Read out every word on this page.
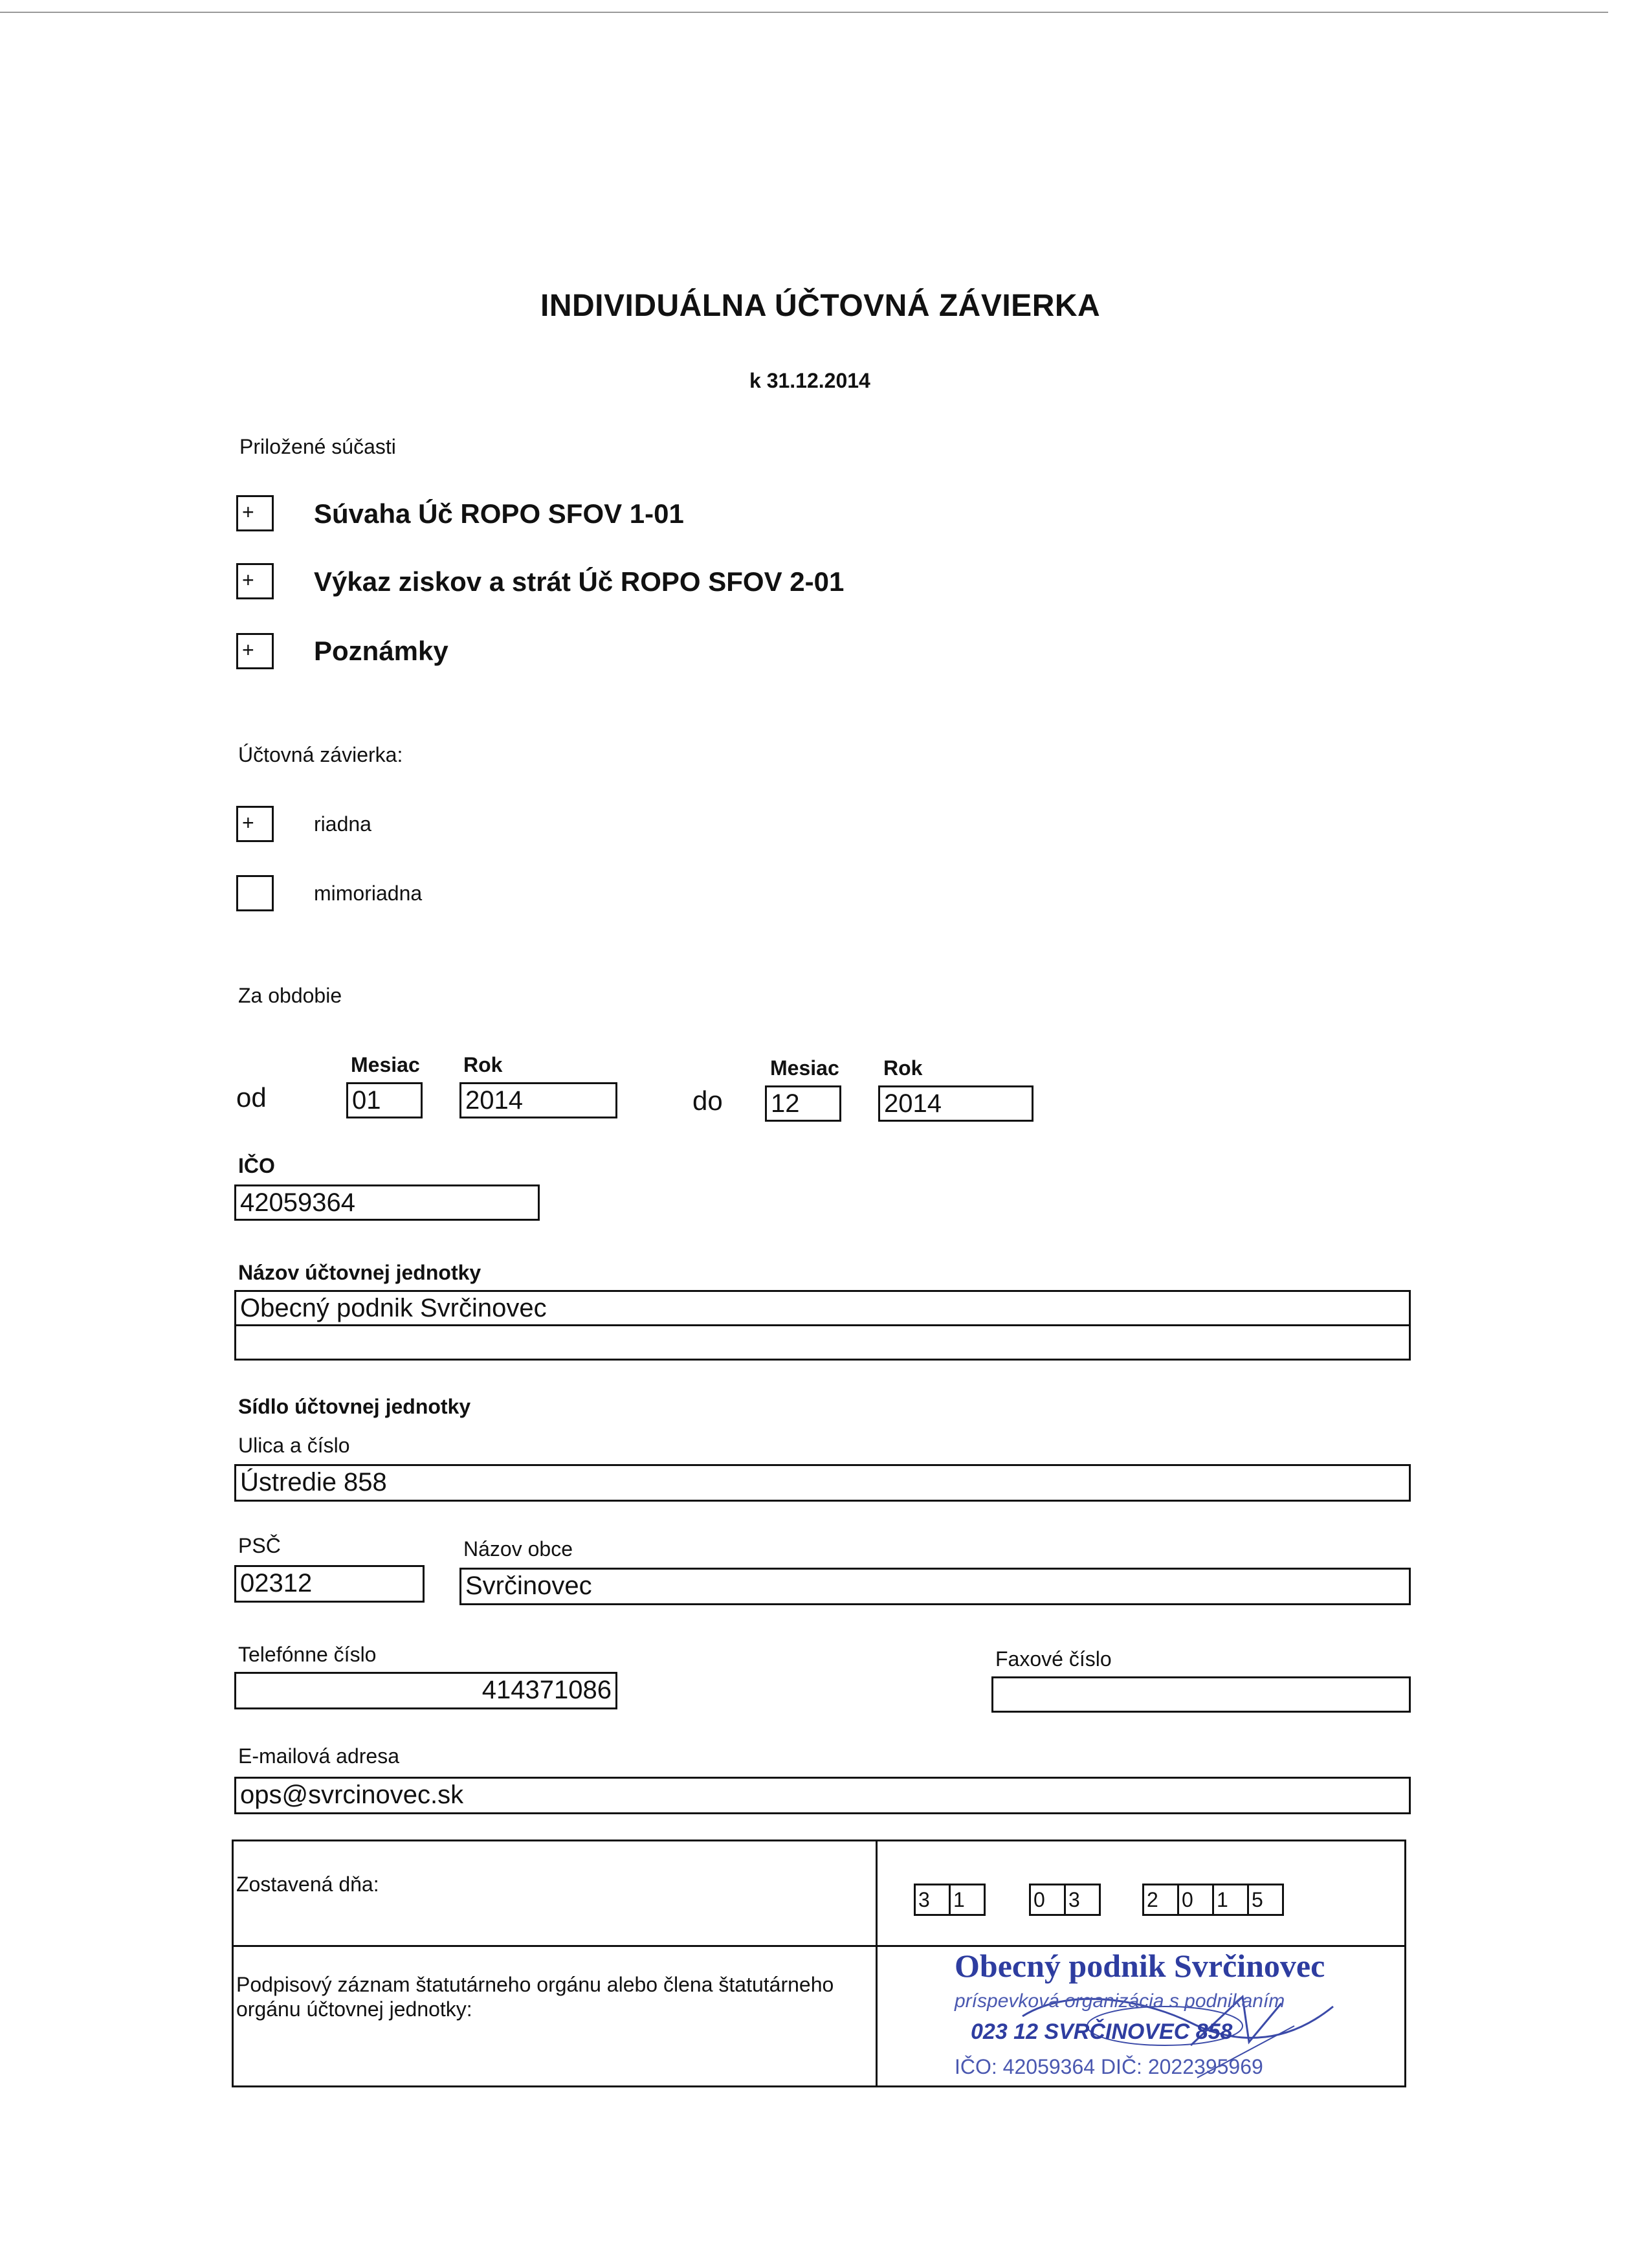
INDIVIDUÁLNA ÚČTOVNÁ ZÁVIERKA
k 31.12.2014
Priložené súčasti
+	Súvaha Úč ROPO SFOV 1-01
+	Výkaz ziskov a strát Úč ROPO SFOV 2-01
+	Poznámky
Účtovná závierka:
+	riadna
mimoriadna
Za obdobie
Mesiac Rok
od	01	2014
Mesiac Rok
do 12	2014
IČO
42059364
Názov účtovnej jednotky
Obecný podnik Svrčinovec
Sídlo účtovnej jednotky
Ulica a číslo
Ústredie 858
PSČ
02312
Názov obce
Svrčinovec
Telefónne číslo
414371086
Faxové číslo
E-mailová adresa
ops@svrcinovec.sk
Zostavená dňa:
3	1	0	3	2	0	1	5
Podpisový záznam štatutárneho orgánu alebo člena štatutárneho orgánu účtovnej jednotky:
Obecný podnik Svrčinovec
príspevková organizácia s podnikaním
023 12 SVRČINOVEC 858
IČO: 42059364 DIČ: 2022395969
